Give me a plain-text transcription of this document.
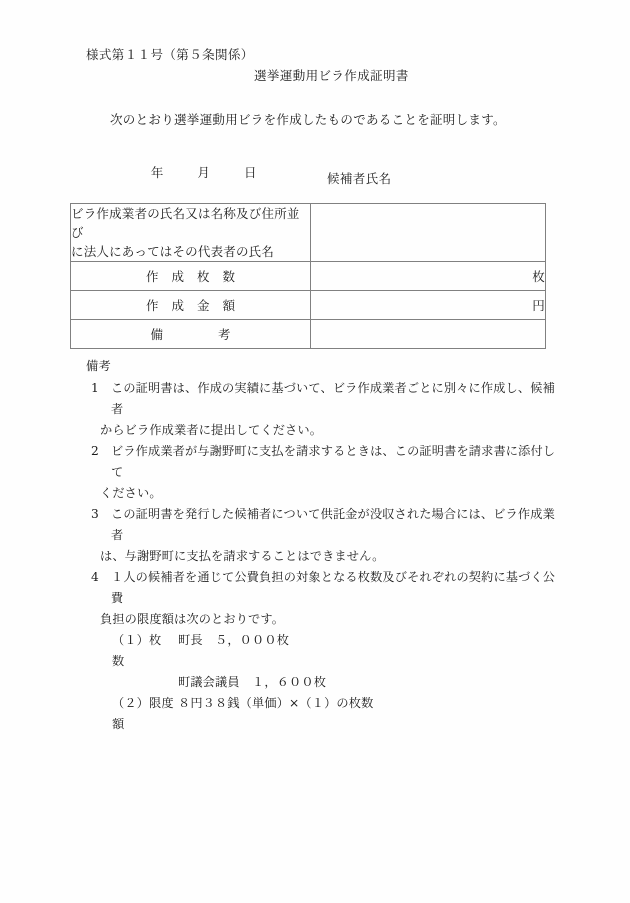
様式第１１号（第５条関係）
選挙運動用ビラ作成証明書
次のとおり選挙運動用ビラを作成したものであることを証明します。

年	月	日
	候補者氏名
ビラ作成業者の氏名又は名称及び住所並び
に法人にあってはその代表者の氏名	
作成枚数	枚
作成金額	円
備考	
備考
1 この証明書は、作成の実績に基づいて、ビラ作成業者ごとに別々に作成し、候補者
からビラ作成業者に提出してください。
2 ビラ作成業者が与謝野町に支払を請求するときは、この証明書を請求書に添付して
ください。
3 この証明書を発行した候補者について供託金が没収された場合には、ビラ作成業者
は、与謝野町に支払を請求することはできません。
4 １人の候補者を通じて公費負担の対象となる枚数及びそれぞれの契約に基づく公費
負担の限度額は次のとおりです。
（１）枚数
町長　５，０００枚
町議会議員　１，６００枚
（２）限度額
８円３８銭（単価）×（１）の枚数
